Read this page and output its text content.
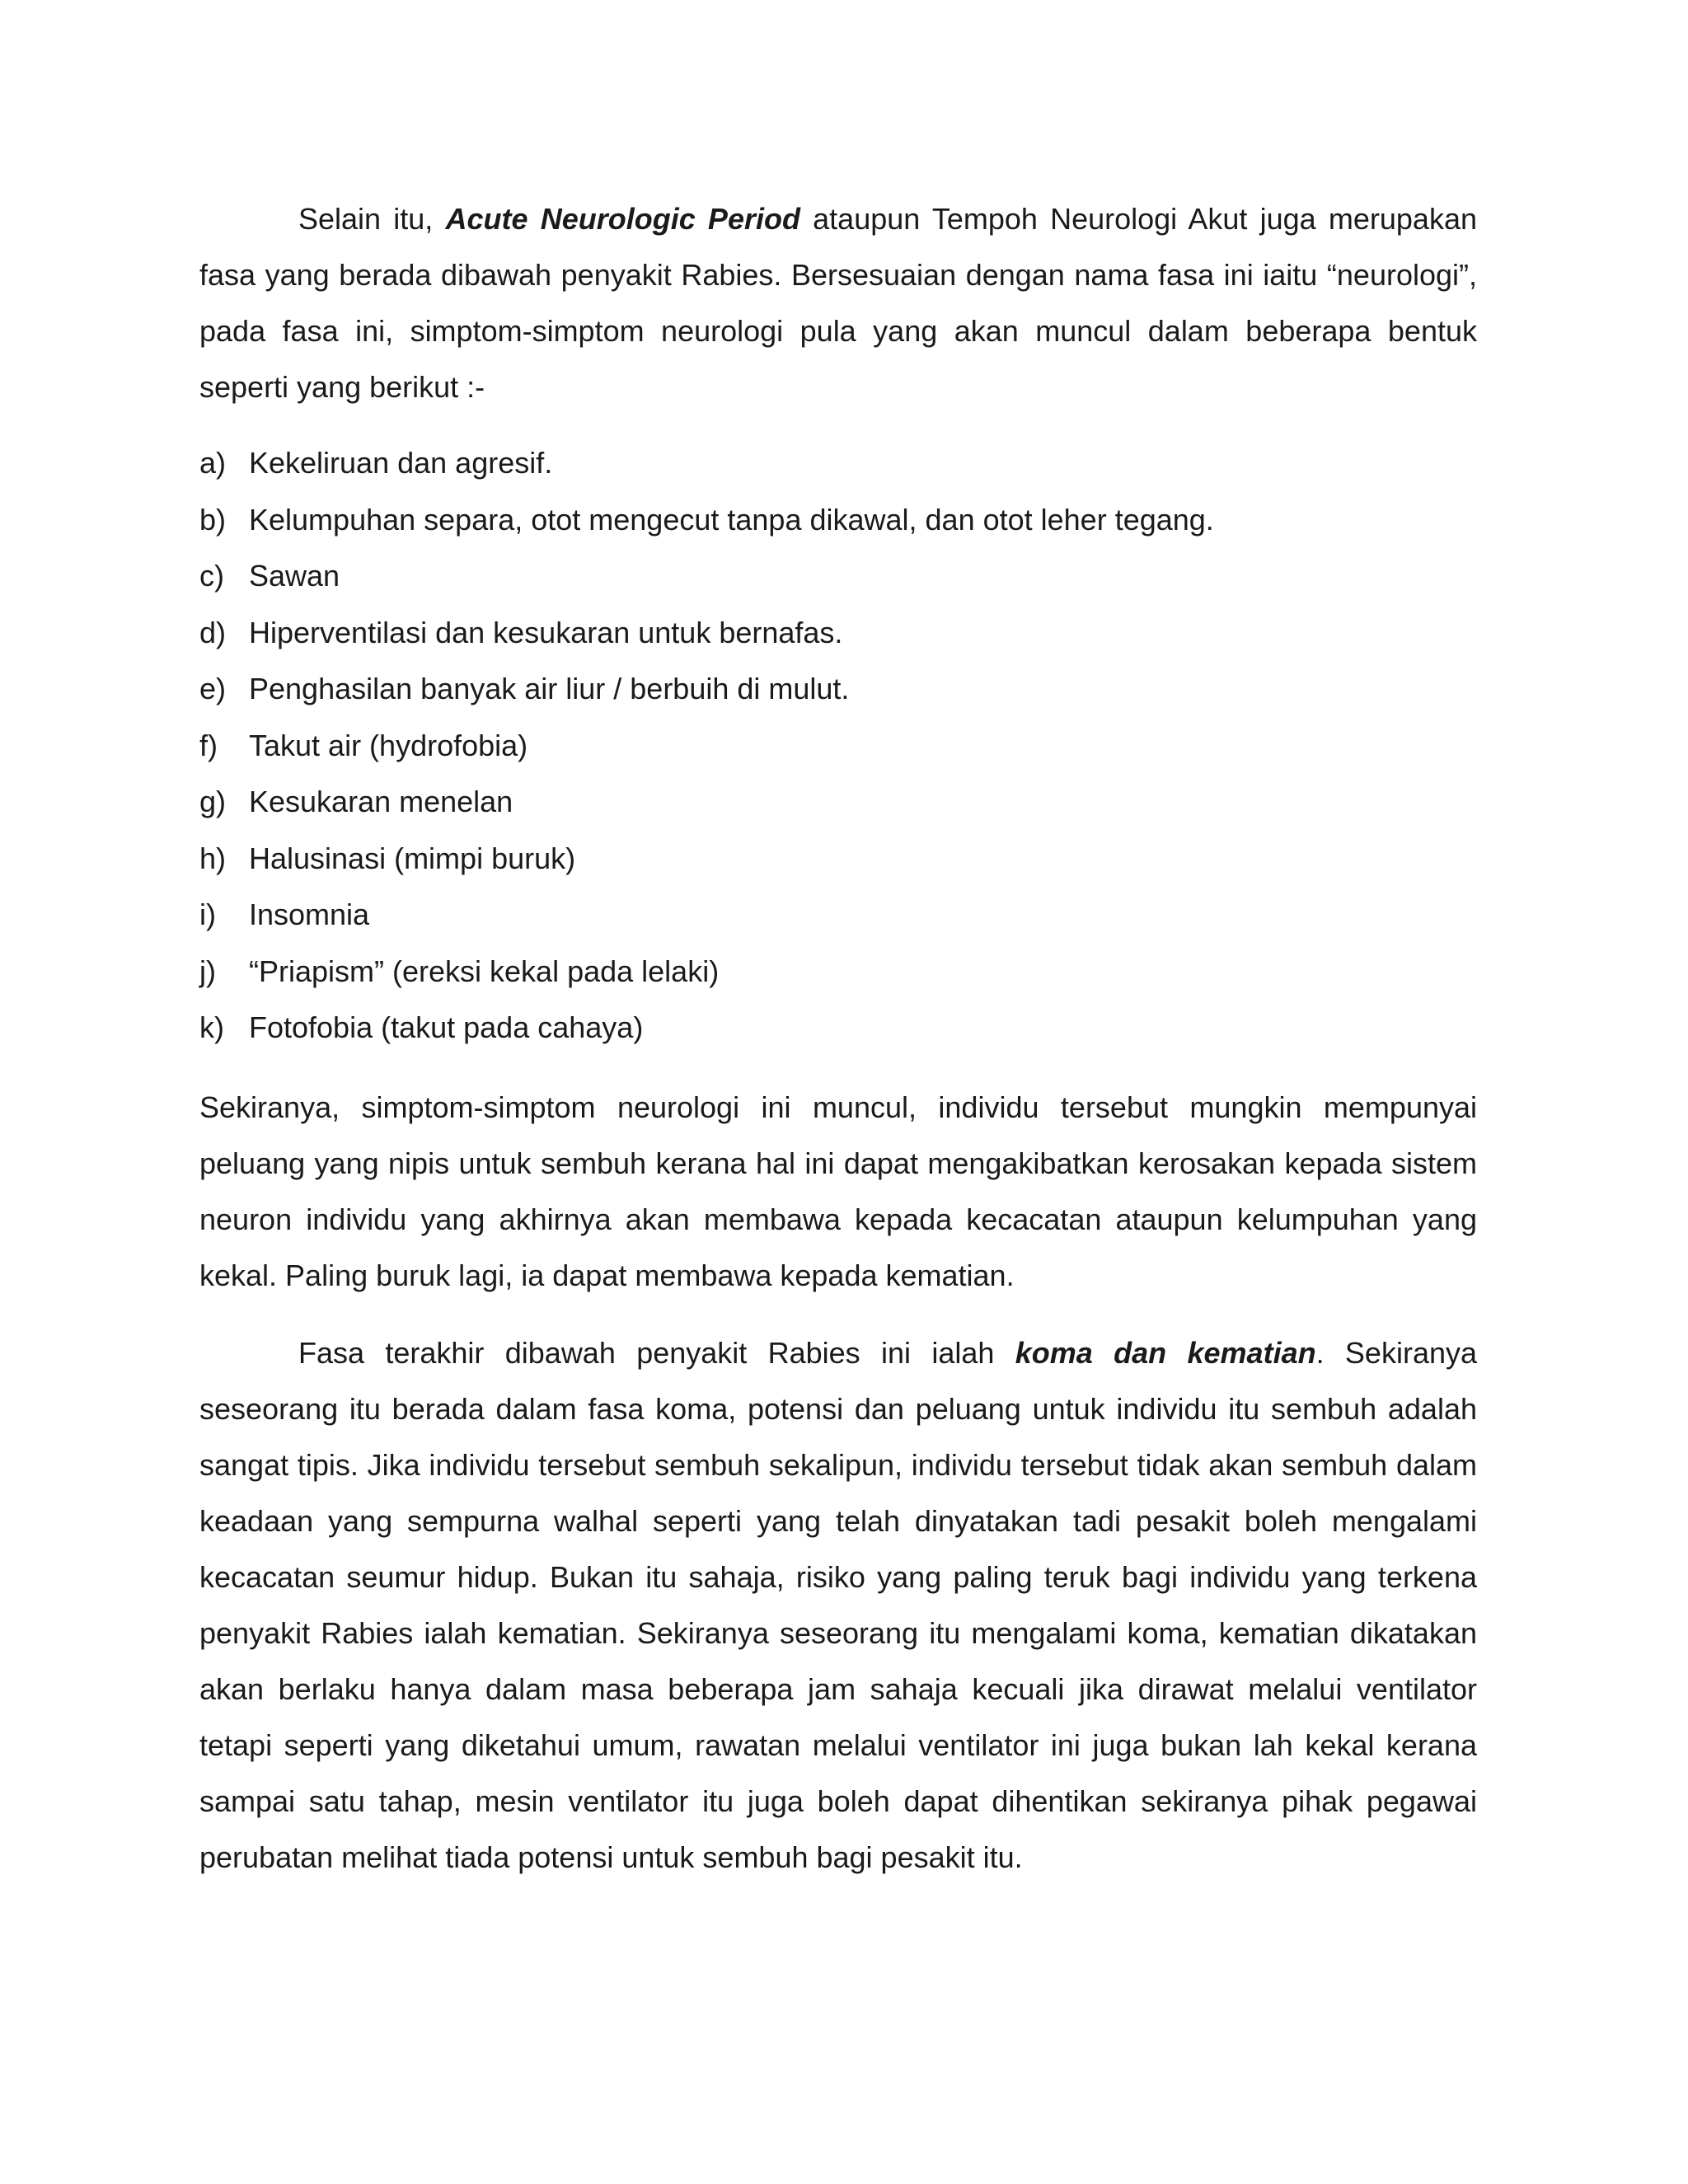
Selain itu, Acute Neurologic Period ataupun Tempoh Neurologi Akut juga merupakan fasa yang berada dibawah penyakit Rabies. Bersesuaian dengan nama fasa ini iaitu “neurologi”, pada fasa ini, simptom-simptom neurologi pula yang akan muncul dalam beberapa bentuk seperti yang berikut :-

a) Kekeliruan dan agresif.
b) Kelumpuhan separa, otot mengecut tanpa dikawal, dan otot leher tegang.
c) Sawan
d) Hiperventilasi dan kesukaran untuk bernafas.
e) Penghasilan banyak air liur / berbuih di mulut.
f)	Takut air (hydrofobia)
g) Kesukaran menelan
h) Halusinasi (mimpi buruk)
i)	Insomnia
j)	“Priapism” (ereksi kekal pada lelaki)
k) Fotofobia (takut pada cahaya)

Sekiranya, simptom-simptom neurologi ini muncul, individu tersebut mungkin mempunyai peluang yang nipis untuk sembuh kerana hal ini dapat mengakibatkan kerosakan kepada sistem neuron individu yang akhirnya akan membawa kepada kecacatan ataupun kelumpuhan yang kekal. Paling buruk lagi, ia dapat membawa kepada kematian.

Fasa terakhir dibawah penyakit Rabies ini ialah koma dan kematian. Sekiranya seseorang itu berada dalam fasa koma, potensi dan peluang untuk individu itu sembuh adalah sangat tipis. Jika individu tersebut sembuh sekalipun, individu tersebut tidak akan sembuh dalam keadaan yang sempurna walhal seperti yang telah dinyatakan tadi pesakit boleh mengalami kecacatan seumur hidup. Bukan itu sahaja, risiko yang paling teruk bagi individu yang terkena penyakit Rabies ialah kematian. Sekiranya seseorang itu mengalami koma, kematian dikatakan akan berlaku hanya dalam masa beberapa jam sahaja kecuali jika dirawat melalui ventilator tetapi seperti yang diketahui umum, rawatan melalui ventilator ini juga bukan lah kekal kerana sampai satu tahap, mesin ventilator itu juga boleh dapat dihentikan sekiranya pihak pegawai perubatan melihat tiada potensi untuk sembuh bagi pesakit itu.
